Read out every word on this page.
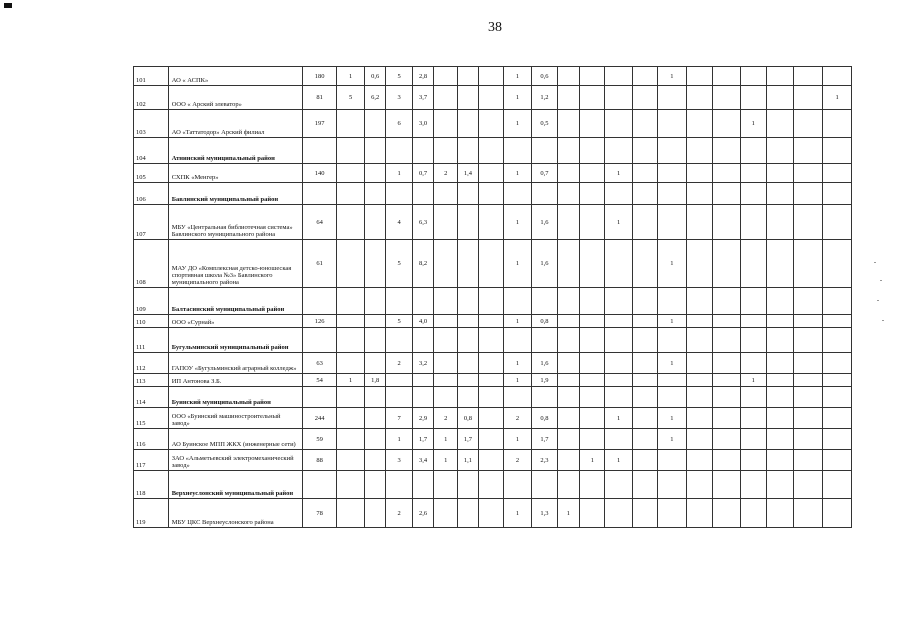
38
101	АО « АСПК»	180	1	0,6	5	2,8				1	0,6					1						
102	ООО « Арский элеватор»	81	5	6,2	3	3,7				1	1,2											1
103	АО «Таттатодор» Арский филиал	197			6	3,0				1	0,5								1			
104	Атнинский муниципальный район																					
105	СХПК «Менгер»	140			1	0,7	2	1,4		1	0,7			1								
106	Бавлинский муниципальный район																					
107	МБУ «Центральная библиотечная система» Бавлинского муниципального района	64			4	6,3				1	1,6			1								
108	МАУ ДО «Комплексная детско-юношеская спортивная школа №3» Бавлинского муниципального района	61			5	8,2				1	1,6					1						
109	Балтасинский муниципальный район																					
110	ООО «Сурнай»	126			5	4,0				1	0,8					1						
111	Бугульминский муниципальный район																					
112	ГАПОУ «Бугульминский аграрный колледж»	63			2	3,2				1	1,6					1						
113	ИП Антонова З.Б.	54	1	1,8						1	1,9								1			
114	Буинский муниципальный район																					
115	ООО «Буинский машиностроительный завод»	244			7	2,9	2	0,8		2	0,8			1		1						
116	АО Буинское МПП ЖКХ (инженерные сети)	59			1	1,7	1	1,7		1	1,7					1						
117	ЗАО «Альметьевский электромеханический завод»	88			3	3,4	1	1,1		2	2,3		1	1								
118	Верхнеуслонский муниципальный район																					
119	МБУ ЦКС Верхнеуслонского района	78			2	2,6				1	1,3	1										
